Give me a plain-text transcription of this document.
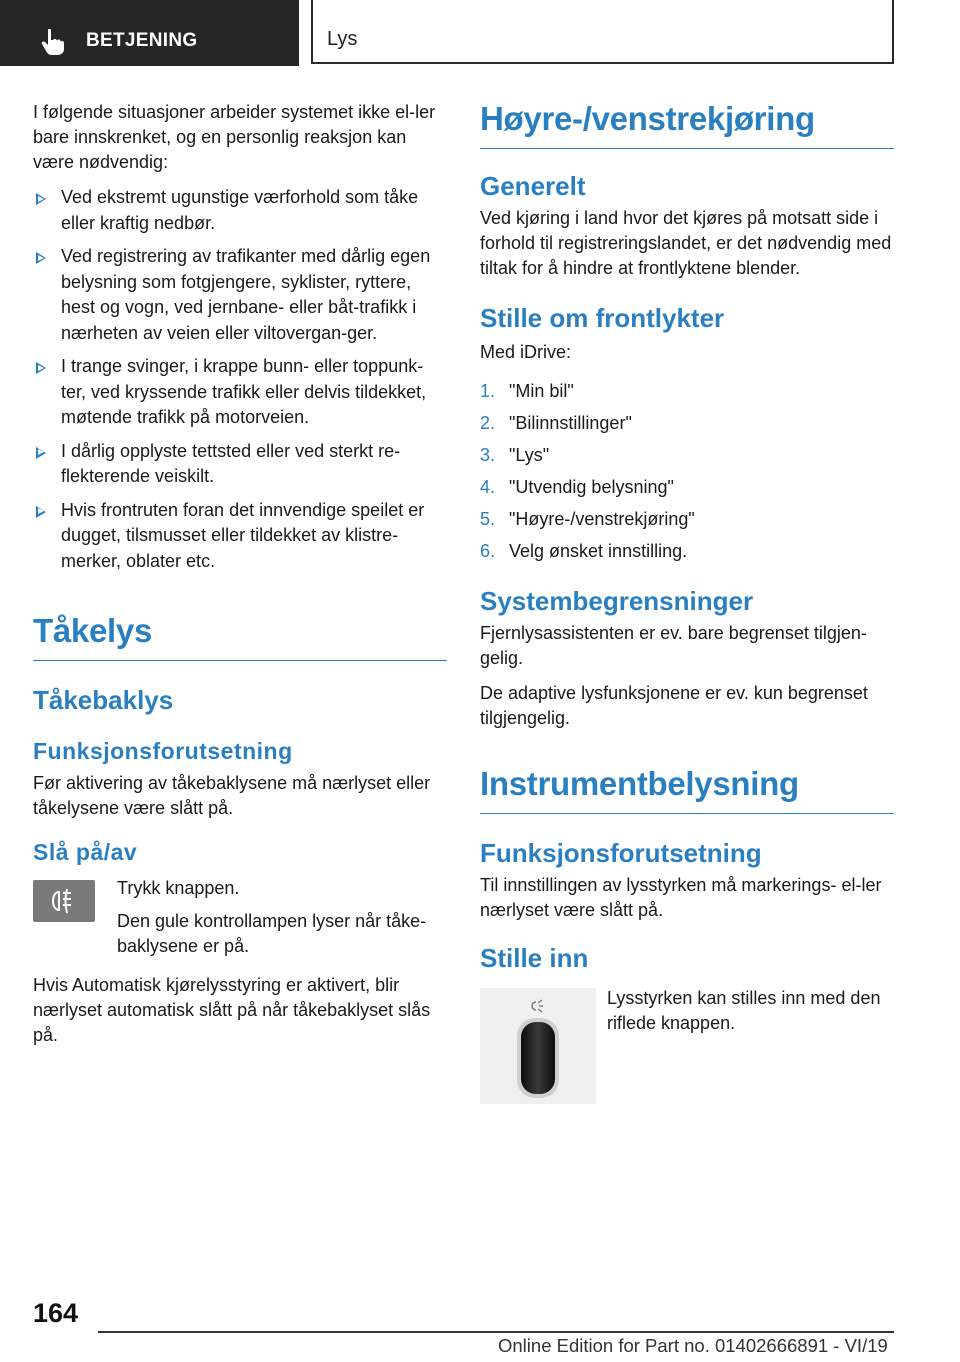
BETJENING	Lys

I følgende situasjoner arbeider systemet ikke el-ler bare innskrenket, og en personlig reaksjon kan være nødvendig:

Ved ekstremt ugunstige værforhold som tåke eller kraftig nedbør.
Ved registrering av trafikanter med dårlig egen belysning som fotgjengere, syklister, ryttere, hest og vogn, ved jernbane- eller båt-trafikk i nærheten av veien eller viltovergan-ger.
I trange svinger, i krappe bunn- eller toppunk-ter, ved kryssende trafikk eller delvis tildekket, møtende trafikk på motorveien.
I dårlig opplyste tettsted eller ved sterkt re-flekterende veiskilt.
Hvis frontruten foran det innvendige speilet er dugget, tilsmusset eller tildekket av klistre-merker, oblater etc.
Tåkelys
Tåkebaklys
Funksjonsforutsetning

Før aktivering av tåkebaklysene må nærlyset eller tåkelysene være slått på.

Slå på/av

Trykk knappen.

Den gule kontrollampen lyser når tåke-baklysene er på.

Hvis Automatisk kjørelysstyring er aktivert, blir nærlyset automatisk slått på når tåkebaklyset slås på.

Høyre-/venstrekjøring
Generelt

Ved kjøring i land hvor det kjøres på motsatt side i forhold til registreringslandet, er det nødvendig med tiltak for å hindre at frontlyktene blender.

Stille om frontlykter

Med iDrive:

1. "Min bil"
2. "Bilinnstillinger"
3. "Lys"
4. "Utvendig belysning"
5. "Høyre-/venstrekjøring"
6. Velg ønsket innstilling.
Systembegrensninger

Fjernlysassistenten er ev. bare begrenset tilgjen-gelig.

De adaptive lysfunksjonene er ev. kun begrenset tilgjengelig.

Instrumentbelysning
Funksjonsforutsetning

Til innstillingen av lysstyrken må markerings- el-ler nærlyset være slått på.

Stille inn

Lysstyrken kan stilles inn med den riflede knappen.

164
Online Edition for Part no. 01402666891 - VI/19
